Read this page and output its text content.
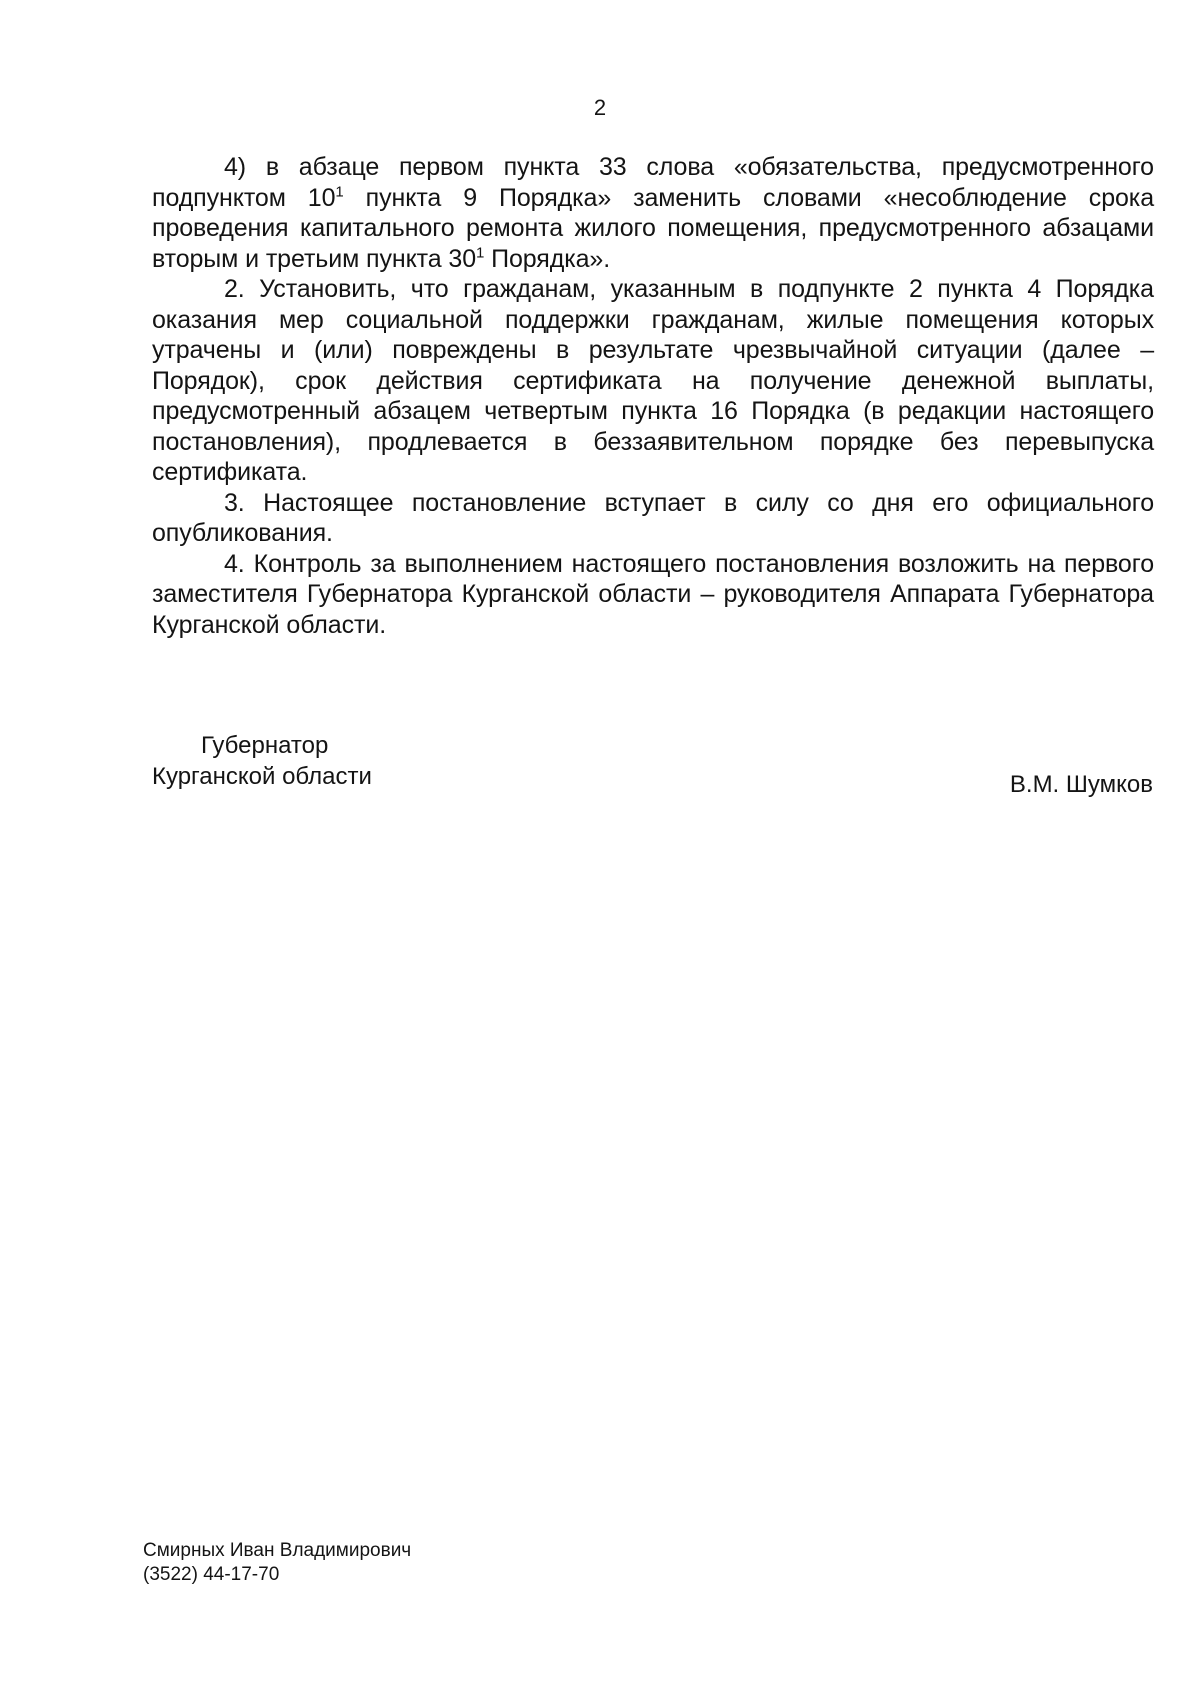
2

4) в абзаце первом пункта 33 слова «обязательства, предусмотренного подпунктом $10^1$ пункта 9 Порядка» заменить словами «несоблюдение срока проведения капитального ремонта жилого помещения, предусмотренного абзацами вторым и третьим пункта $30^1$ Порядка».

2. Установить, что гражданам, указанным в подпункте 2 пункта 4 Порядка оказания мер социальной поддержки гражданам, жилые помещения которых утрачены и (или) повреждены в результате чрезвычайной ситуации (далее – Порядок), срок действия сертификата на получение денежной выплаты, предусмотренный абзацем четвертым пункта 16 Порядка (в редакции настоящего постановления), продлевается в беззаявительном порядке без перевыпуска сертификата.

3. Настоящее постановление вступает в силу со дня его официального опубликования.

4. Контроль за выполнением настоящего постановления возложить на первого заместителя Губернатора Курганской области – руководителя Аппарата Губернатора Курганской области.

Губернатор
Курганской области	В.М. Шумков
Смирных Иван Владимирович
(3522) 44-17-70
